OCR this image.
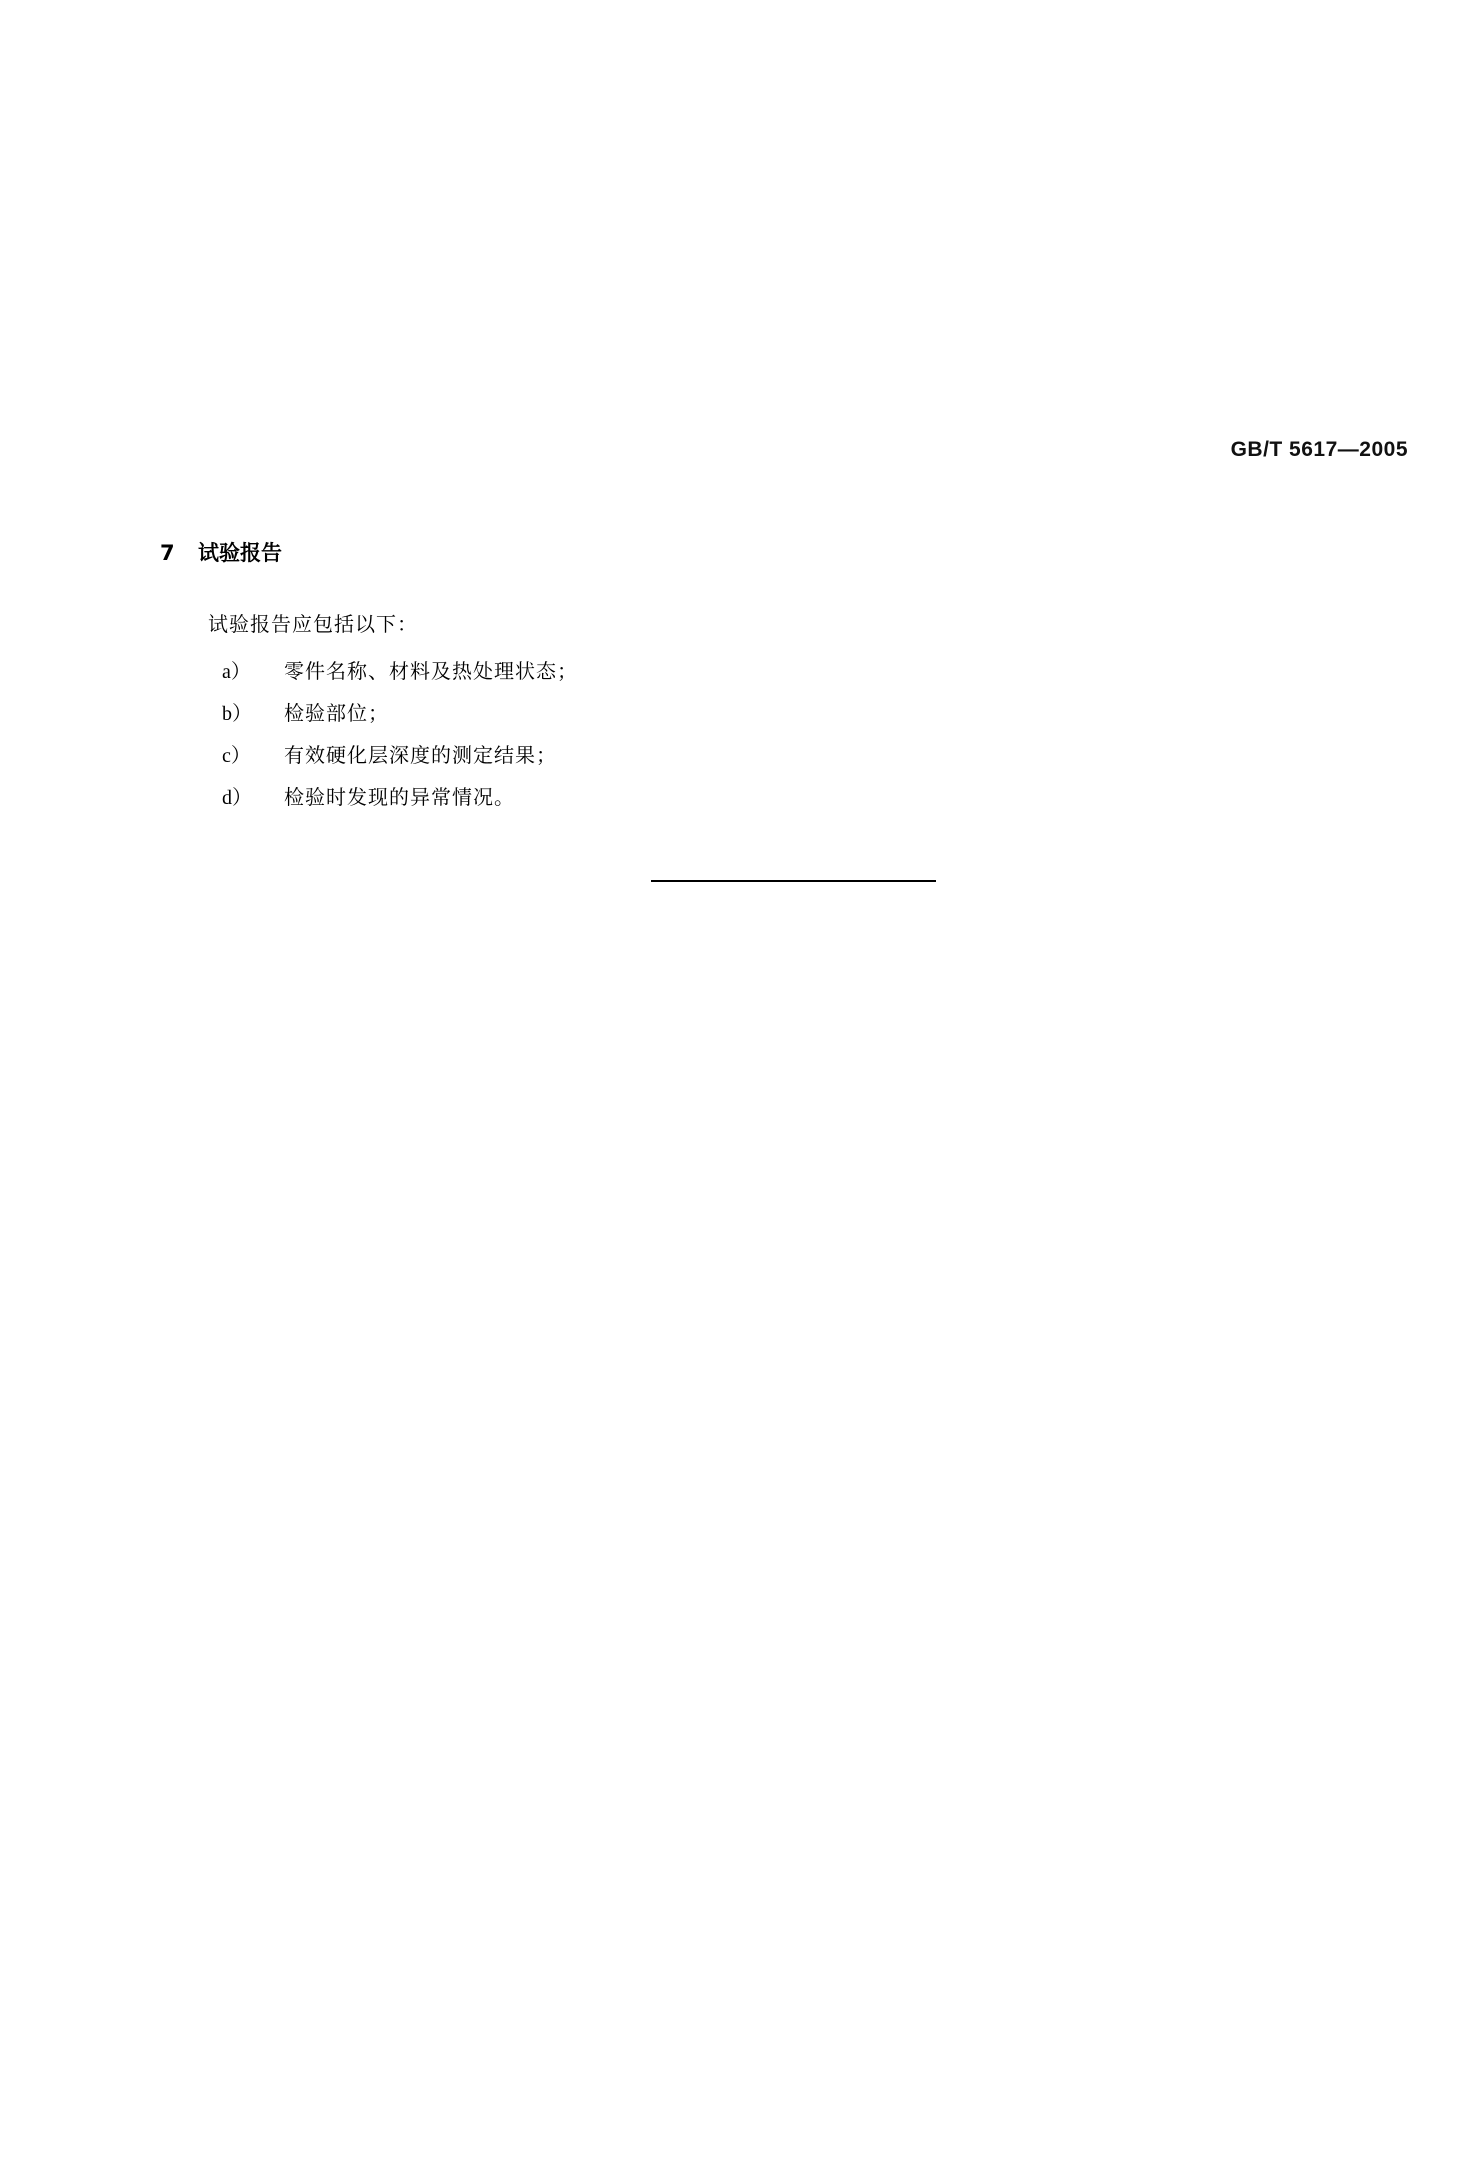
GB/T 5617—2005
7 试验报告
试验报告应包括以下：
a）	零件名称、材料及热处理状态；
b）	检验部位；
c）	有效硬化层深度的测定结果；
d）	检验时发现的异常情况。
